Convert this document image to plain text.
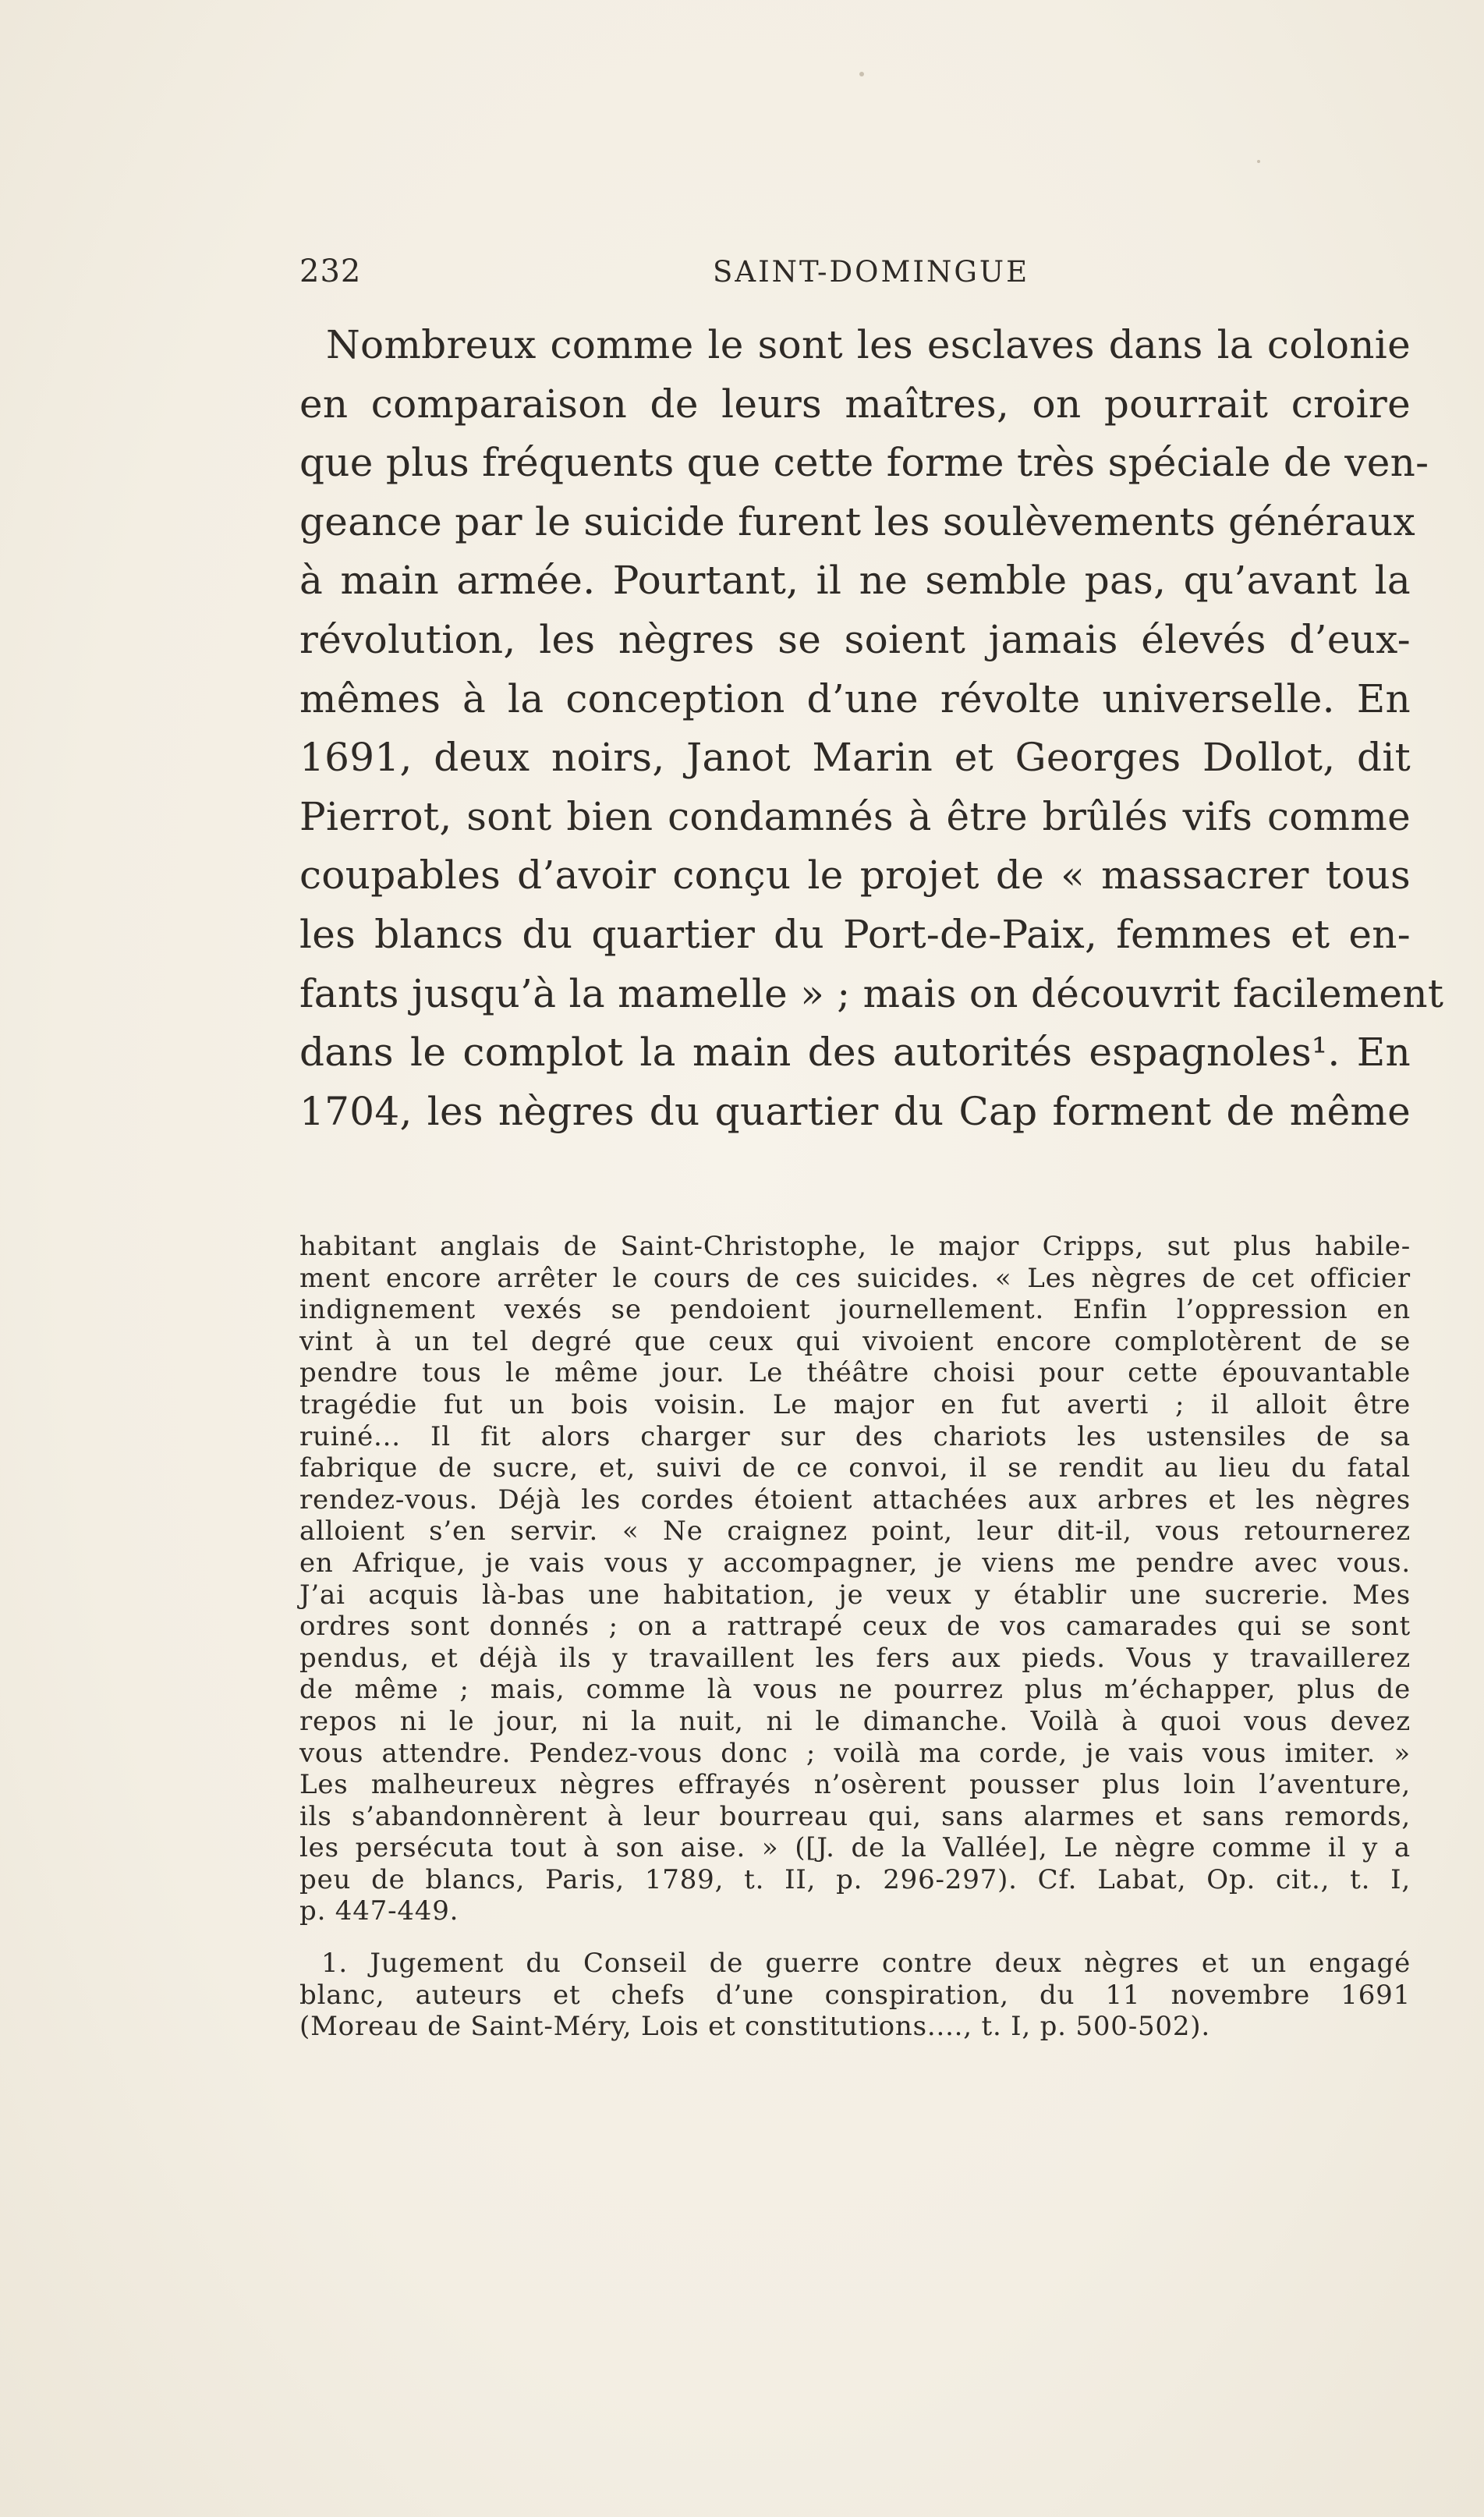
232	SAINT-DOMINGUE
Nombreux comme le sont les esclaves dans la colonie
en comparaison de leurs maîtres, on pourrait croire
que plus fréquents que cette forme très spéciale de ven-
geance par le suicide furent les soulèvements généraux
à main armée. Pourtant, il ne semble pas, qu’avant la
révolution, les nègres se soient jamais élevés d’eux-
mêmes à la conception d’une révolte universelle. En
1691, deux noirs, Janot Marin et Georges Dollot, dit
Pierrot, sont bien condamnés à être brûlés vifs comme
coupables d’avoir conçu le projet de « massacrer tous
les blancs du quartier du Port-de-Paix, femmes et en-
fants jusqu’à la mamelle » ; mais on découvrit facilement
dans le complot la main des autorités espagnoles¹. En
1704, les nègres du quartier du Cap forment de même
habitant anglais de Saint-Christophe, le major Cripps, sut plus habile-
ment encore arrêter le cours de ces suicides. « Les nègres de cet officier
indignement vexés se pendoient journellement. Enfin l’oppression en
vint à un tel degré que ceux qui vivoient encore complotèrent de se
pendre tous le même jour. Le théâtre choisi pour cette épouvantable
tragédie fut un bois voisin. Le major en fut averti ; il alloit être
ruiné... Il fit alors charger sur des chariots les ustensiles de sa
fabrique de sucre, et, suivi de ce convoi, il se rendit au lieu du fatal
rendez-vous. Déjà les cordes étoient attachées aux arbres et les nègres
alloient s’en servir. « Ne craignez point, leur dit-il, vous retournerez
en Afrique, je vais vous y accompagner, je viens me pendre avec vous.
J’ai acquis là-bas une habitation, je veux y établir une sucrerie. Mes
ordres sont donnés ; on a rattrapé ceux de vos camarades qui se sont
pendus, et déjà ils y travaillent les fers aux pieds. Vous y travaillerez
de même ; mais, comme là vous ne pourrez plus m’échapper, plus de
repos ni le jour, ni la nuit, ni le dimanche. Voilà à quoi vous devez
vous attendre. Pendez-vous donc ; voilà ma corde, je vais vous imiter. »
Les malheureux nègres effrayés n’osèrent pousser plus loin l’aventure,
ils s’abandonnèrent à leur bourreau qui, sans alarmes et sans remords,
les persécuta tout à son aise. » ([J. de la Vallée], Le nègre comme il y a
peu de blancs, Paris, 1789, t. II, p. 296-297). Cf. Labat, Op. cit., t. I,
p. 447-449.
1. Jugement du Conseil de guerre contre deux nègres et un engagé
blanc, auteurs et chefs d’une conspiration, du 11 novembre 1691
(Moreau de Saint-Méry, Lois et constitutions...., t. I, p. 500-502).
